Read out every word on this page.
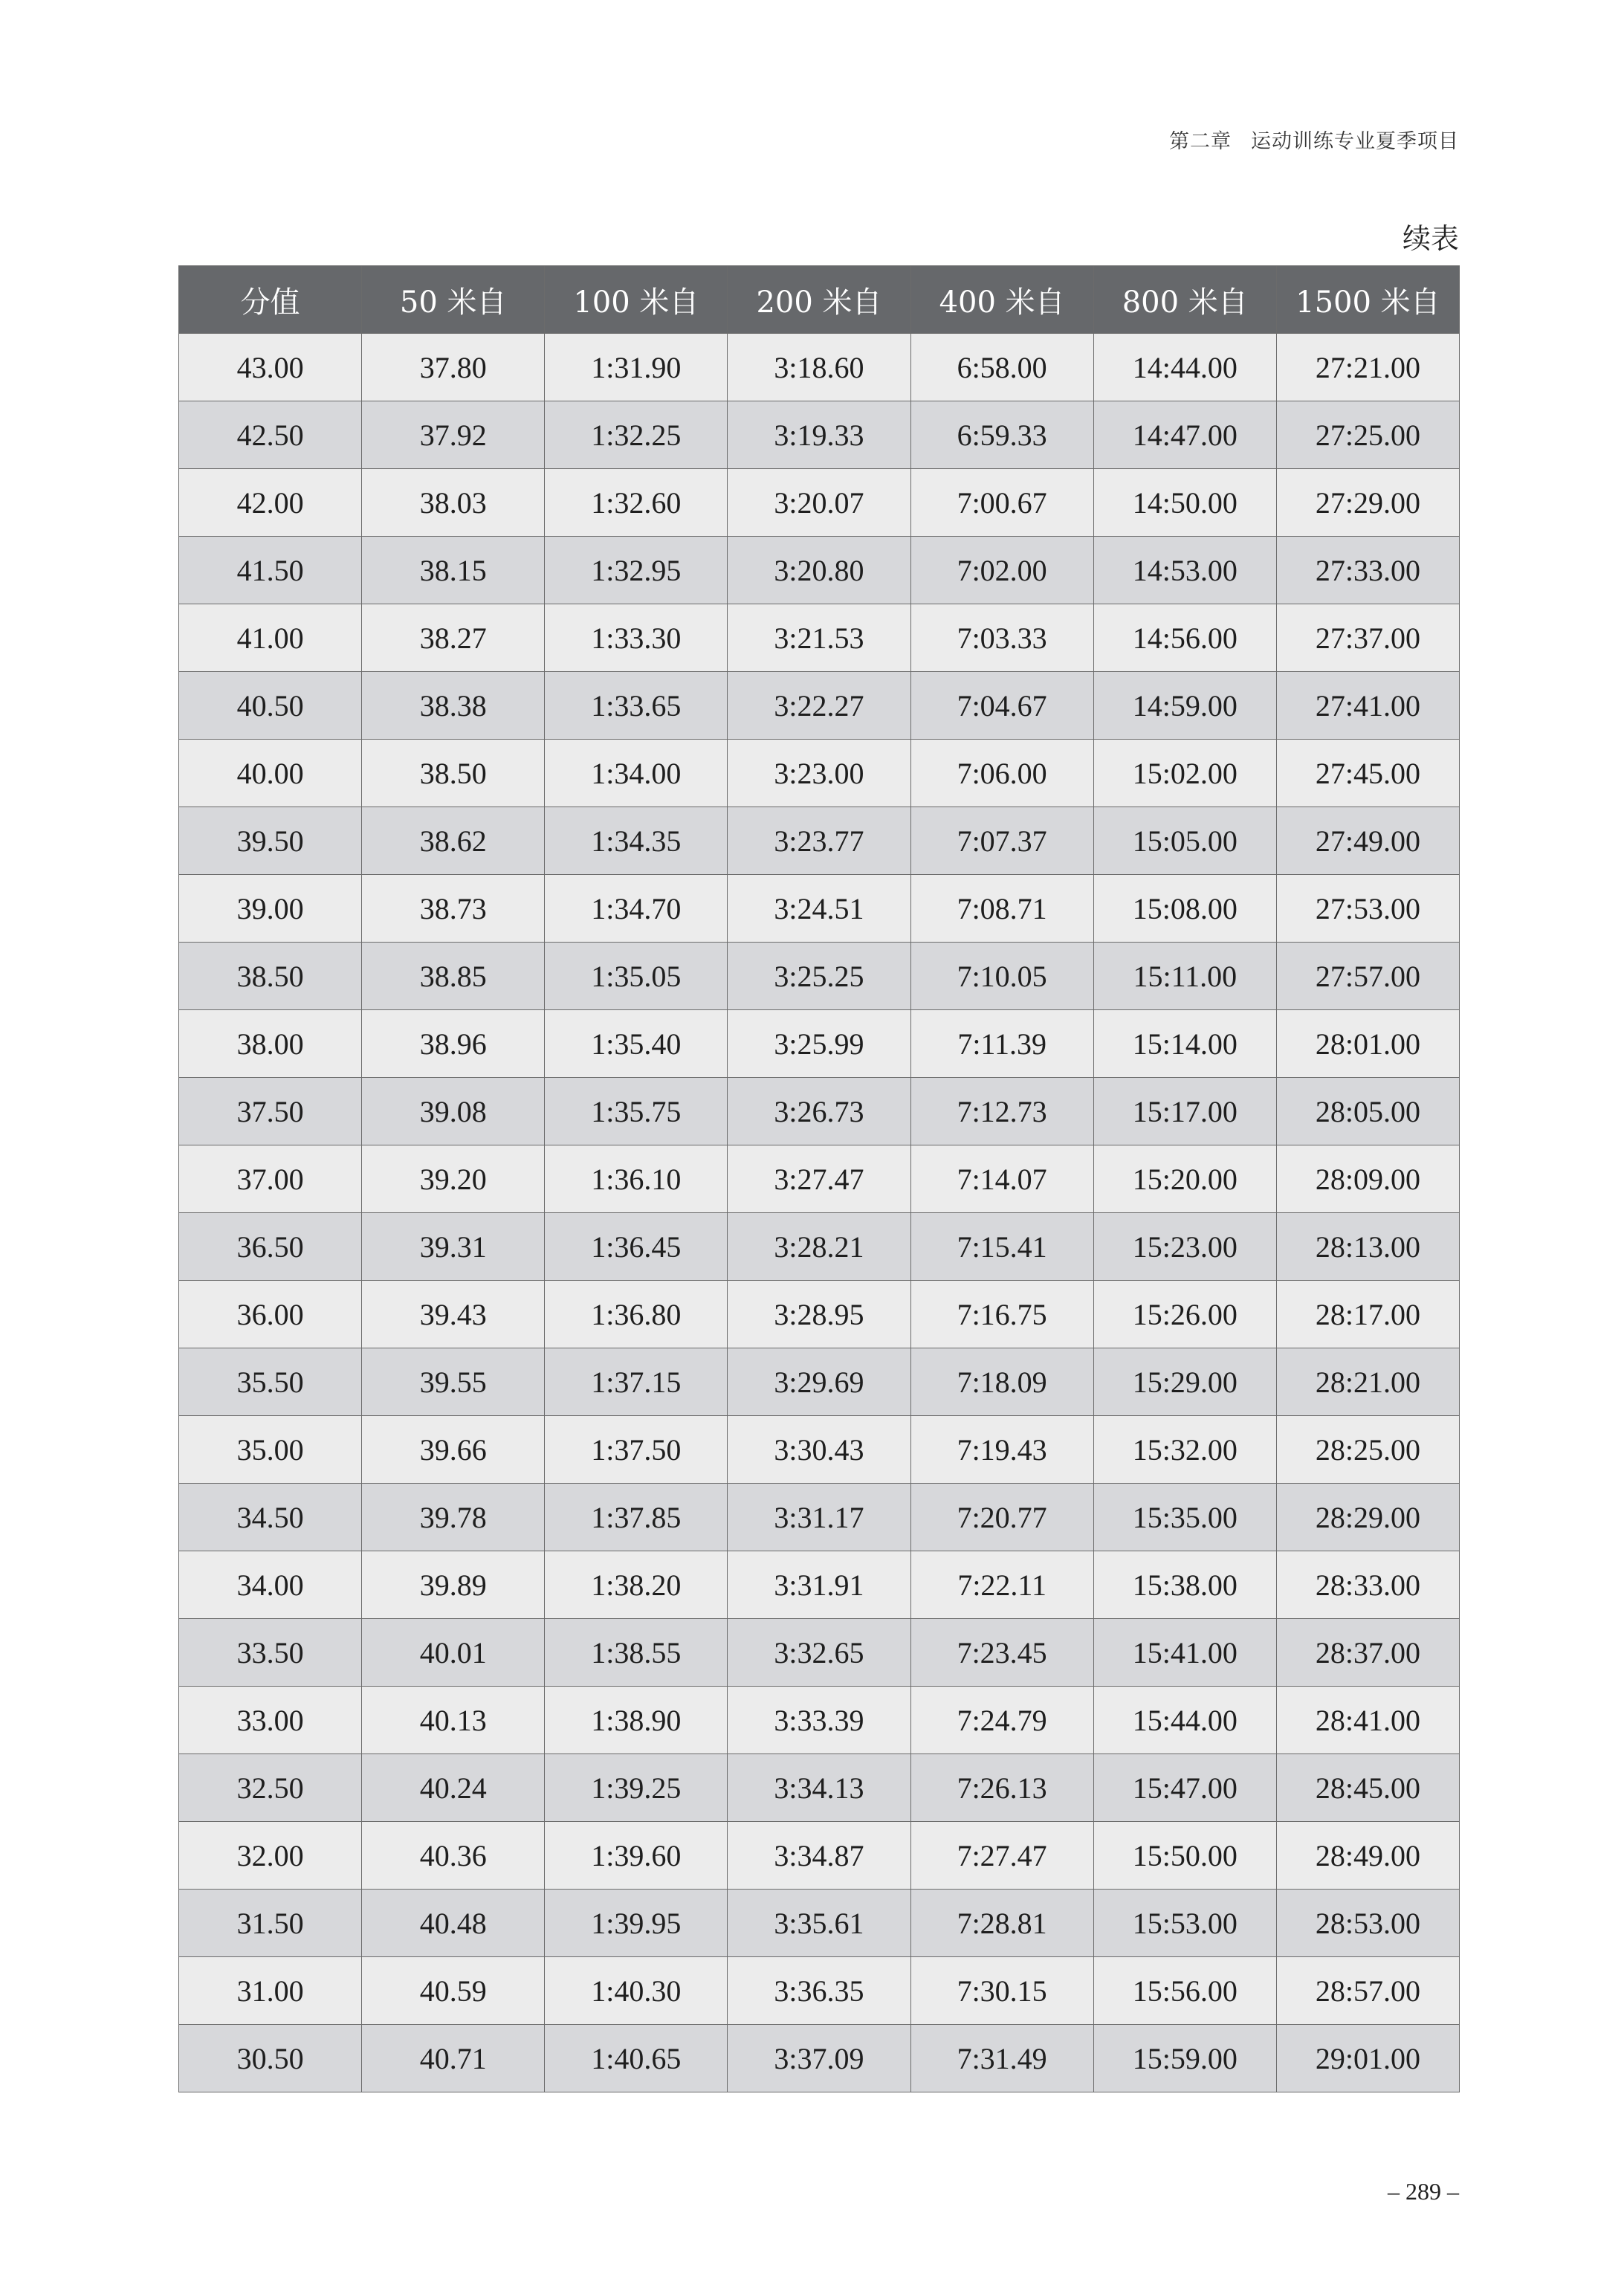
第二章 运动训练专业夏季项目
续表
分值	50 米自	100 米自	200 米自	400 米自	800 米自	1500 米自
43.00	37.80	1:31.90	3:18.60	6:58.00	14:44.00	27:21.00
42.50	37.92	1:32.25	3:19.33	6:59.33	14:47.00	27:25.00
42.00	38.03	1:32.60	3:20.07	7:00.67	14:50.00	27:29.00
41.50	38.15	1:32.95	3:20.80	7:02.00	14:53.00	27:33.00
41.00	38.27	1:33.30	3:21.53	7:03.33	14:56.00	27:37.00
40.50	38.38	1:33.65	3:22.27	7:04.67	14:59.00	27:41.00
40.00	38.50	1:34.00	3:23.00	7:06.00	15:02.00	27:45.00
39.50	38.62	1:34.35	3:23.77	7:07.37	15:05.00	27:49.00
39.00	38.73	1:34.70	3:24.51	7:08.71	15:08.00	27:53.00
38.50	38.85	1:35.05	3:25.25	7:10.05	15:11.00	27:57.00
38.00	38.96	1:35.40	3:25.99	7:11.39	15:14.00	28:01.00
37.50	39.08	1:35.75	3:26.73	7:12.73	15:17.00	28:05.00
37.00	39.20	1:36.10	3:27.47	7:14.07	15:20.00	28:09.00
36.50	39.31	1:36.45	3:28.21	7:15.41	15:23.00	28:13.00
36.00	39.43	1:36.80	3:28.95	7:16.75	15:26.00	28:17.00
35.50	39.55	1:37.15	3:29.69	7:18.09	15:29.00	28:21.00
35.00	39.66	1:37.50	3:30.43	7:19.43	15:32.00	28:25.00
34.50	39.78	1:37.85	3:31.17	7:20.77	15:35.00	28:29.00
34.00	39.89	1:38.20	3:31.91	7:22.11	15:38.00	28:33.00
33.50	40.01	1:38.55	3:32.65	7:23.45	15:41.00	28:37.00
33.00	40.13	1:38.90	3:33.39	7:24.79	15:44.00	28:41.00
32.50	40.24	1:39.25	3:34.13	7:26.13	15:47.00	28:45.00
32.00	40.36	1:39.60	3:34.87	7:27.47	15:50.00	28:49.00
31.50	40.48	1:39.95	3:35.61	7:28.81	15:53.00	28:53.00
31.00	40.59	1:40.30	3:36.35	7:30.15	15:56.00	28:57.00
30.50	40.71	1:40.65	3:37.09	7:31.49	15:59.00	29:01.00
– 289 –
